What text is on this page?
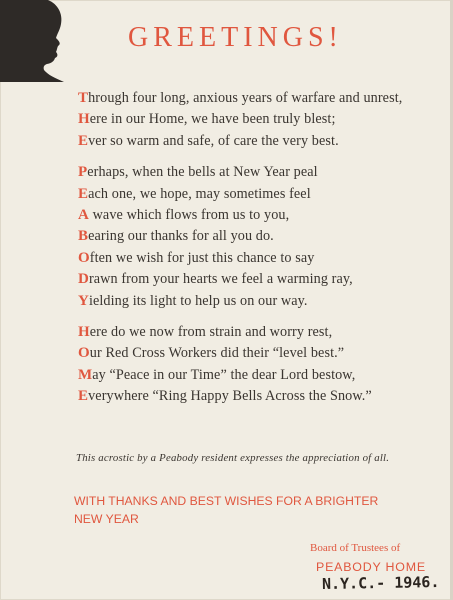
GREETINGS!
Through four long, anxious years of warfare and unrest,
Here in our Home, we have been truly blest;
Ever so warm and safe, of care the very best.
Perhaps, when the bells at New Year peal
Each one, we hope, may sometimes feel
A wave which flows from us to you,
Bearing our thanks for all you do.
Often we wish for just this chance to say
Drawn from your hearts we feel a warming ray,
Yielding its light to help us on our way.
Here do we now from strain and worry rest,
Our Red Cross Workers did their “level best.”
May “Peace in our Time” the dear Lord bestow,
Everywhere “Ring Happy Bells Across the Snow.”
This acrostic by a Peabody resident expresses the appreciation of all.
WITH THANKS AND BEST WISHES FOR A BRIGHTER
NEW YEAR
Board of Trustees of
PEABODY HOME
N.Y.C.- 1946.
